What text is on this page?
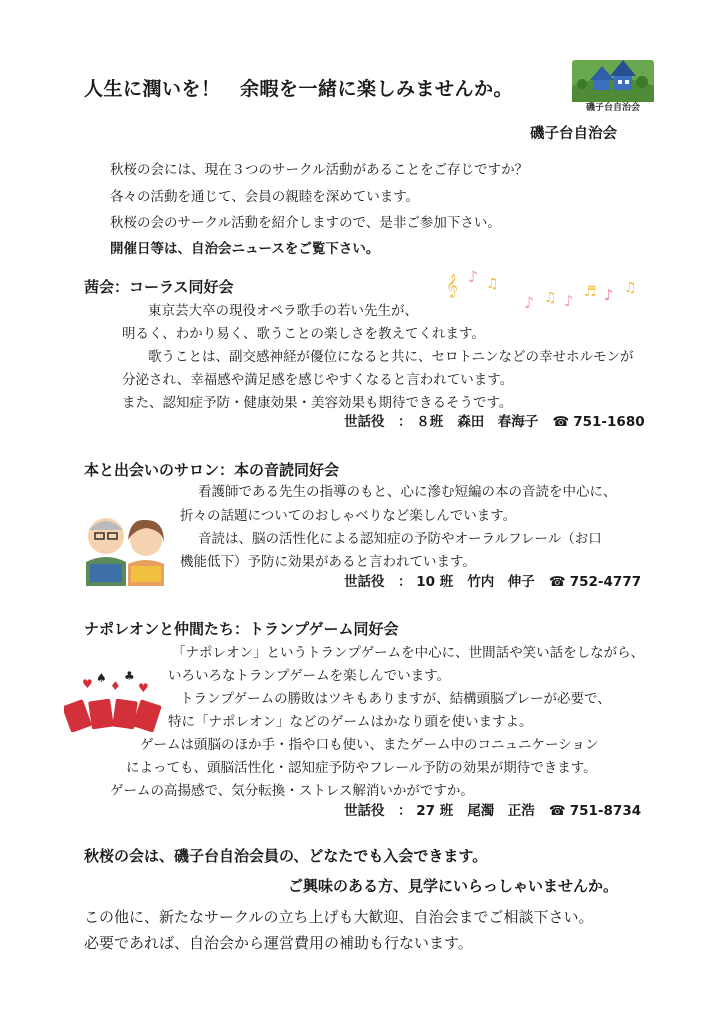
人生に潤いを！　余暇を一緒に楽しみませんか。
磯子台自治会
磯子台自治会
秋桜の会には、現在３つのサークル活動があることをご存じですか？
各々の活動を通じて、会員の親睦を深めています。
秋桜の会のサークル活動を紹介しますので、是非ご参加下さい。
開催日等は、自治会ニュースをご覧下さい。
茜会：コーラス同好会	𝄞 ♪ ♫
♪ ♫ ♪ ♬ ♪ ♫
東京芸大卒の現役オペラ歌手の若い先生が、
明るく、わかり易く、歌うことの楽しさを教えてくれます。
歌うことは、副交感神経が優位になると共に、セロトニンなどの幸せホルモンが
分泌され、幸福感や満足感を感じやすくなると言われています。
また、認知症予防・健康効果・美容効果も期待できるそうです。
世話役　： ８班 森田　春海子 ☎ 751-1680
本と出会いのサロン：本の音読同好会
看護師である先生の指導のもと、心に滲む短編の本の音読を中心に、
折々の話題についてのおしゃべりなど楽しんでいます。
音読は、脳の活性化による認知症の予防やオーラルフレール（お口
機能低下）予防に効果があると言われています。
世話役　： 10 班 竹内　伸子 ☎ 752-4777
ナポレオンと仲間たち：トランプゲーム同好会
♥ ♠
♦
♣
♥
「ナポレオン」というトランプゲームを中心に、世間話や笑い話をしながら、
いろいろなトランプゲームを楽しんでいます。
トランプゲームの勝敗はツキもありますが、結構頭脳プレーが必要で、
特に「ナポレオン」などのゲームはかなり頭を使いますよ。
ゲームは頭脳のほか手・指や口も使い、またゲーム中のコニュニケーション
によっても、頭脳活性化・認知症予防やフレール予防の効果が期待できます。
ゲームの高揚感で、気分転換・ストレス解消いかがですか。
世話役　： 27 班 尾濁　正浩 ☎ 751-8734
秋桜の会は、磯子台自治会員の、どなたでも入会できます。
ご興味のある方、見学にいらっしゃいませんか。
この他に、新たなサークルの立ち上げも大歓迎、自治会までご相談下さい。
必要であれば、自治会から運営費用の補助も行ないます。
